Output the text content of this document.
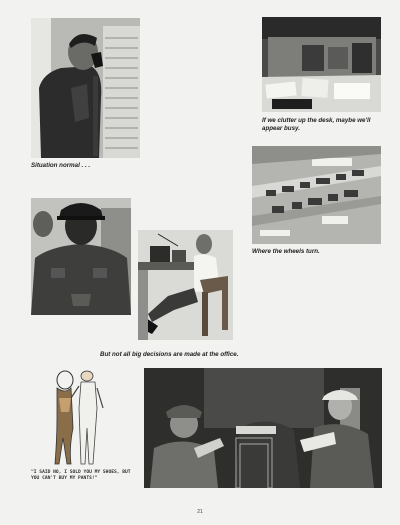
Situation normal . . .
If we clutter up the desk, maybe we'll appear busy.
Where the wheels turn.
But not all big decisions are made at the office.
"I SAID NO, I SOLD YOU MY SHOES, BUT YOU CAN'T BUY MY PANTS!"
21
